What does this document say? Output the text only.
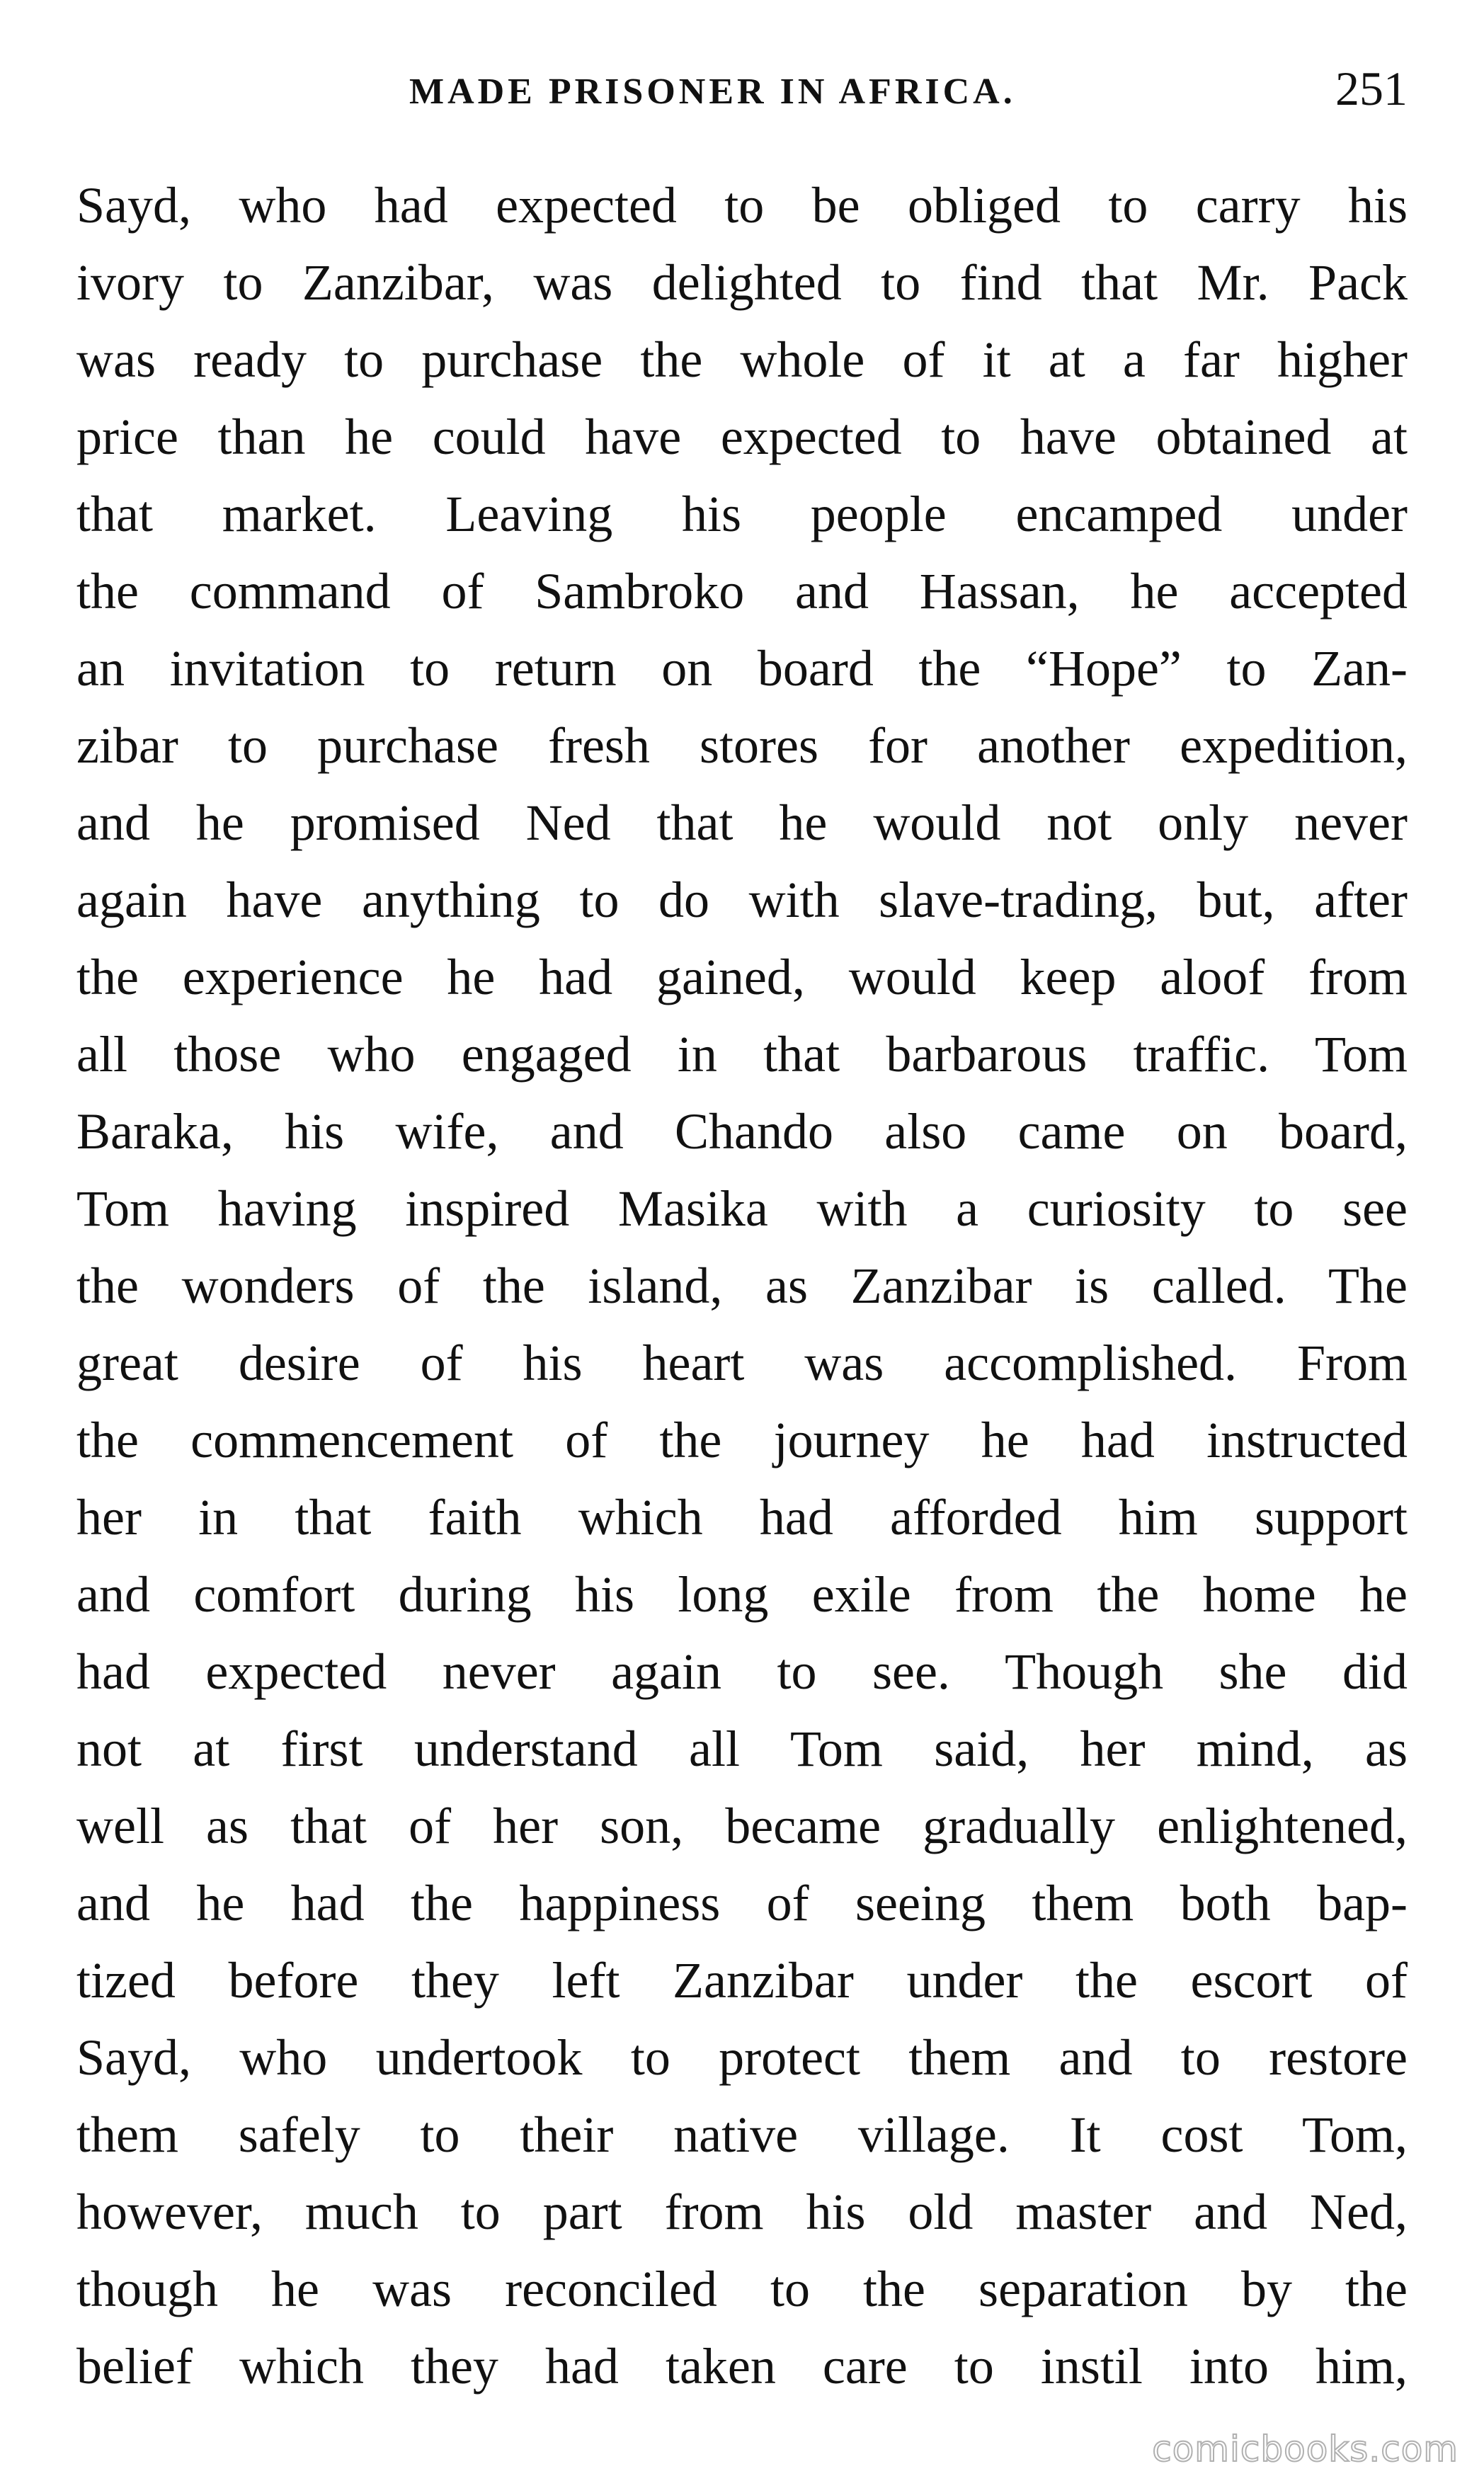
MADE PRISONER IN AFRICA.	251
Sayd, who had expected to be obliged to carry his
ivory to Zanzibar, was delighted to find that Mr. Pack
was ready to purchase the whole of it at a far higher
price than he could have expected to have obtained at
that market. Leaving his people encamped under
the command of Sambroko and Hassan, he accepted
an invitation to return on board the “Hope” to Zan-
zibar to purchase fresh stores for another expedition,
and he promised Ned that he would not only never
again have anything to do with slave-trading, but, after
the experience he had gained, would keep aloof from
all those who engaged in that barbarous traffic. Tom
Baraka, his wife, and Chando also came on board,
Tom having inspired Masika with a curiosity to see
the wonders of the island, as Zanzibar is called. The
great desire of his heart was accomplished. From
the commencement of the journey he had instructed
her in that faith which had afforded him support
and comfort during his long exile from the home he
had expected never again to see. Though she did
not at first understand all Tom said, her mind, as
well as that of her son, became gradually enlightened,
and he had the happiness of seeing them both bap-
tized before they left Zanzibar under the escort of
Sayd, who undertook to protect them and to restore
them safely to their native village. It cost Tom,
however, much to part from his old master and Ned,
though he was reconciled to the separation by the
belief which they had taken care to instil into him,
comicbooks.com
